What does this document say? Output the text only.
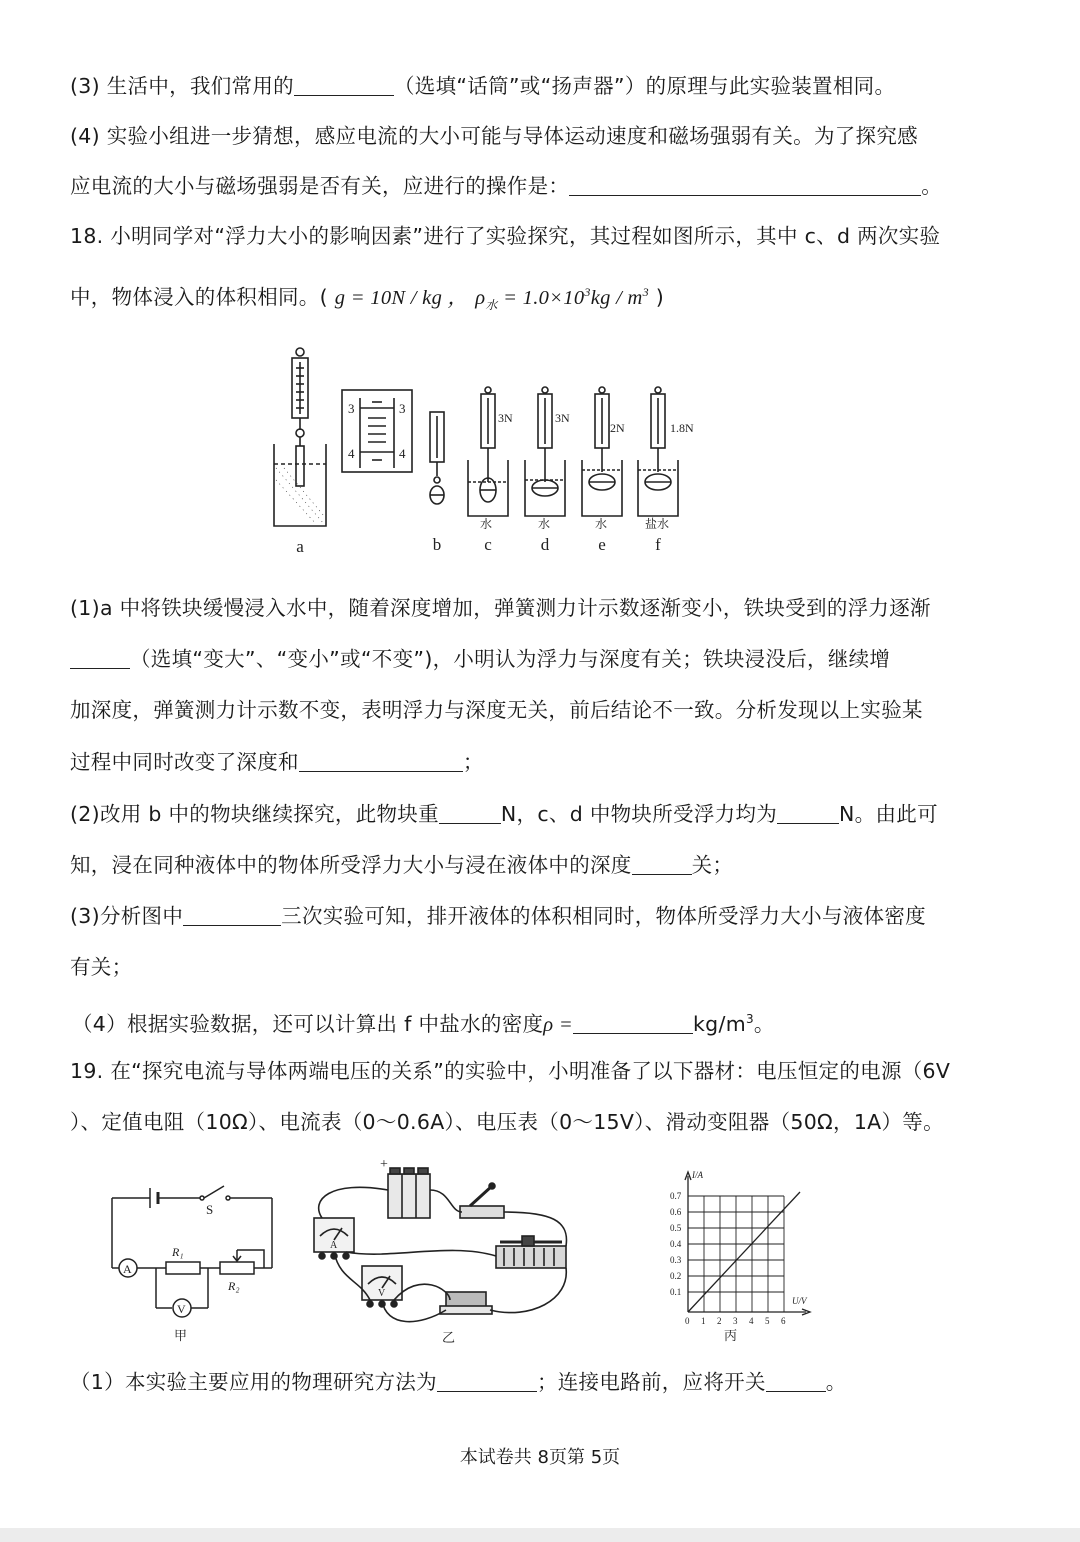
(3) 生活中，我们常用的	（选填“话筒”或“扬声器”）的原理与此实验装置相同。
(4) 实验小组进一步猜想，感应电流的大小可能与导体运动速度和磁场强弱有关。为了探究感
应电流的大小与磁场强弱是否有关，应进行的操作是：	。
18. 小明同学对“浮力大小的影响因素”进行了实验探究，其过程如图所示，其中 c、d 两次实验
中，物体浸入的体积相同。( g = 10N / kg ， $\rho_水 = 1.0\times 10^3kg / m^3$ )
3	3
4	4
3N	3N
2N	1.8N
水	水	水	盐水
a	b	c	d	e	f
(1)a 中将铁块缓慢浸入水中，随着深度增加，弹簧测力计示数逐渐变小，铁块受到的浮力逐渐
（选填“变大”、“变小”或“不变”)，小明认为浮力与深度有关；铁块浸没后，继续增
加深度，弹簧测力计示数不变，表明浮力与深度无关，前后结论不一致。分析发现以上实验某
过程中同时改变了深度和	；
(2)改用 b 中的物块继续探究，此物块重	N，c、d 中物块所受浮力均为	N。由此可
知，浸在同种液体中的物体所受浮力大小与浸在液体中的深度	关；
(3)分析图中	三次实验可知，排开液体的体积相同时，物体所受浮力大小与液体密度
有关；
（4）根据实验数据，还可以计算出 f 中盐水的密度ρ =	$kg/m^3$。
19. 在“探究电流与导体两端电压的关系”的实验中，小明准备了以下器材：电压恒定的电源（6V
）、定值电阻（10Ω）、电流表（0～0.6A）、电压表（0～15V）、滑动变阻器（50Ω，1A）等。
S
A
R₁
R₂
V
甲
+
A
V
乙
I/A
U/V
0.7
0.6
0.5
0.4
0.3
0.2
0.1
0 1 2 3 4 5 6
丙
（1）本实验主要应用的物理研究方法为	；连接电路前，应将开关	。
本试卷共 8页第 5页
